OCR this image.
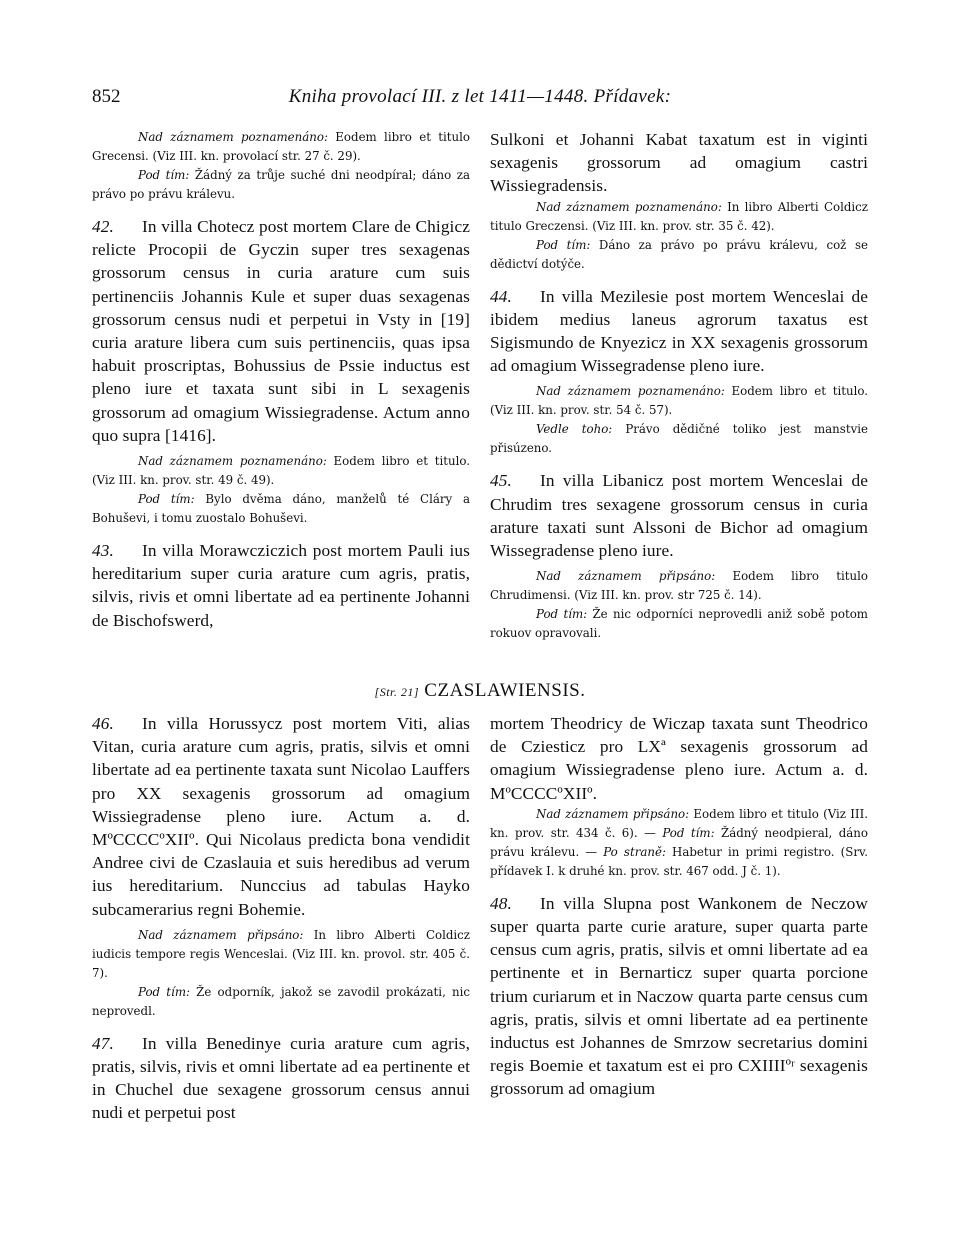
852	Kniha provolací III. z let 1411—1448. Přídavek:

Nad záznamem poznamenáno: Eodem libro et titulo Grecensi. (Viz III. kn. provolací str. 27 č. 29).

Pod tím: Žádný za trůje suché dni neodpíral; dáno za právo po právu králevu.

42. In villa Chotecz post mortem Clare de Chigicz relicte Procopii de Gyczin super tres sexagenas grossorum census in curia arature cum suis pertinenciis Johannis Kule et super duas sexagenas grossorum census nudi et perpetui in Vsty in [19] curia arature libera cum suis pertinenciis, quas ipsa habuit proscriptas, Bohussius de Pssie inductus est pleno iure et taxata sunt sibi in L sexagenis grossorum ad omagium Wissiegradense. Actum anno quo supra [1416].

Nad záznamem poznamenáno: Eodem libro et titulo. (Viz III. kn. prov. str. 49 č. 49).

Pod tím: Bylo dvěma dáno, manželů té Cláry a Bohuševi, i tomu zuostalo Bohuševi.

43. In villa Morawcziczich post mortem Pauli ius hereditarium super curia arature cum agris, pratis, silvis, rivis et omni libertate ad ea pertinente Johanni de Bischofswerd,

Sulkoni et Johanni Kabat taxatum est in viginti sexagenis grossorum ad omagium castri Wissiegradensis.

Nad záznamem poznamenáno: In libro Alberti Coldicz titulo Greczensi. (Viz III. kn. prov. str. 35 č. 42).

Pod tím: Dáno za právo po právu králevu, což se dědictví dotýče.

44. In villa Mezilesie post mortem Wenceslai de ibidem medius laneus agrorum taxatus est Sigismundo de Knyezicz in XX sexagenis grossorum ad omagium Wissegradense pleno iure.

Nad záznamem poznamenáno: Eodem libro et titulo. (Viz III. kn. prov. str. 54 č. 57).

Vedle toho: Právo dědičné toliko jest manstvie přisúzeno.

45. In villa Libanicz post mortem Wenceslai de Chrudim tres sexagene grossorum census in curia arature taxati sunt Alssoni de Bichor ad omagium Wissegradense pleno iure.

Nad záznamem připsáno: Eodem libro titulo Chrudimensi. (Viz III. kn. prov. str 725 č. 14).

Pod tím: Že nic odporníci neprovedli aniž sobě potom rokuov opravovali.

[Str. 21] CZASLAWIENSIS.

46. In villa Horussycz post mortem Viti, alias Vitan, curia arature cum agris, pratis, silvis et omni libertate ad ea pertinente taxata sunt Nicolao Lauffers pro XX sexagenis grossorum ad omagium Wissiegradense pleno iure. Actum a. d. MºCCCCºXIIº. Qui Nicolaus predicta bona vendidit Andree civi de Czaslauia et suis heredibus ad verum ius hereditarium. Nunccius ad tabulas Hayko subcamerarius regni Bohemie.

Nad záznamem připsáno: In libro Alberti Coldicz iudicis tempore regis Wenceslai. (Viz III. kn. provol. str. 405 č. 7).

Pod tím: Že odporník, jakož se zavodil prokázati, nic neprovedl.

47. In villa Benedinye curia arature cum agris, pratis, silvis, rivis et omni libertate ad ea pertinente et in Chuchel due sexagene grossorum census annui nudi et perpetui post

mortem Theodricy de Wiczap taxata sunt Theodrico de Cziesticz pro LXª sexagenis grossorum ad omagium Wissiegradense pleno iure. Actum a. d. MºCCCCºXIIº.

Nad záznamem připsáno: Eodem libro et titulo (Viz III. kn. prov. str. 434 č. 6). — Pod tím: Žádný neodpieral, dáno právu králevu. — Po straně: Habetur in primi registro. (Srv. přídavek I. k druhé kn. prov. str. 467 odd. J č. 1).

48. In villa Slupna post Wankonem de Neczow super quarta parte curie arature, super quarta parte census cum agris, pratis, silvis et omni libertate ad ea pertinente et in Bernarticz super quarta porcione trium curiarum et in Naczow quarta parte census cum agris, pratis, silvis et omni libertate ad ea pertinente inductus est Johannes de Smrzow secretarius domini regis Boemie et taxatum est ei pro CXIIIIºʳ sexagenis grossorum ad omagium
